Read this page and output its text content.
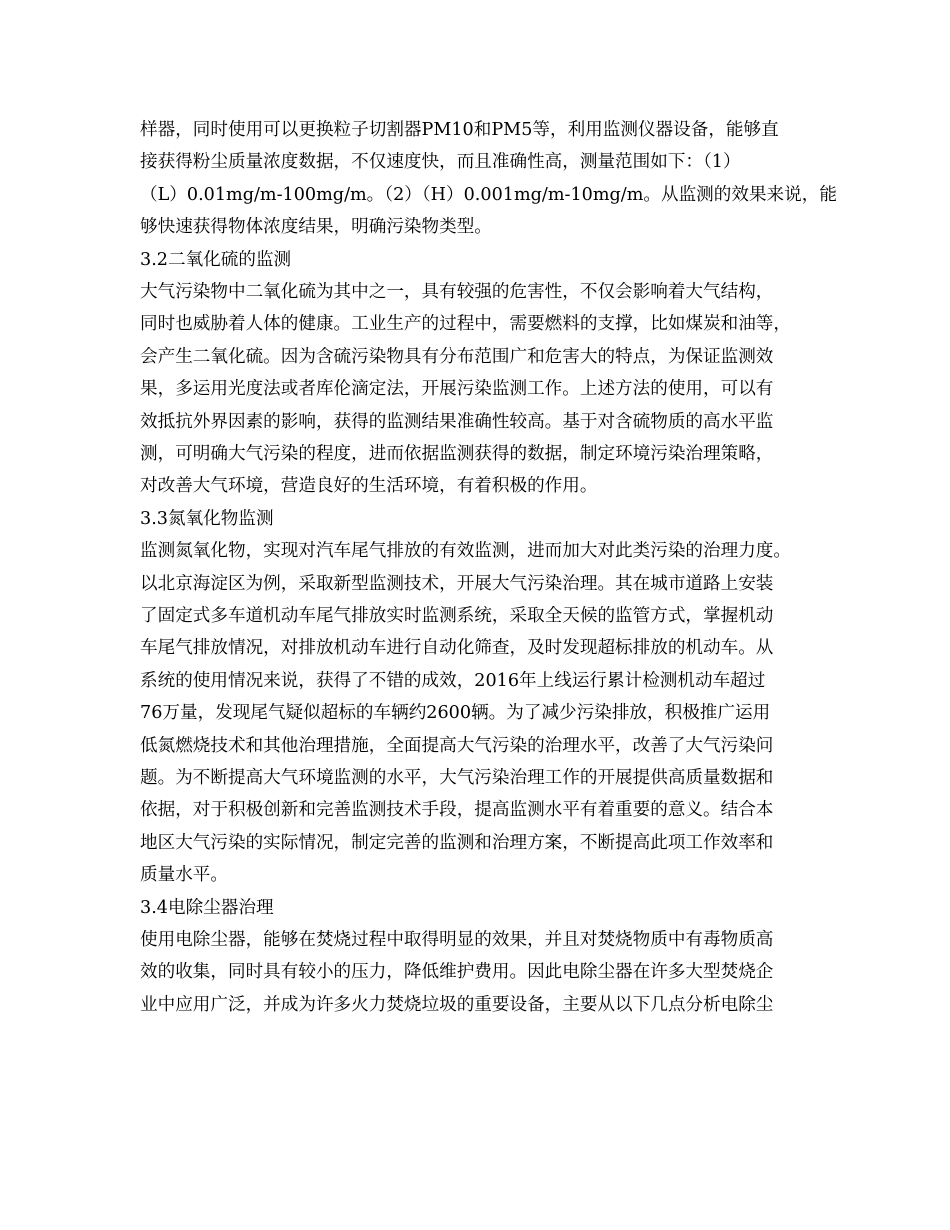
样器，同时使用可以更换粒子切割器PM10和PM5等，利用监测仪器设备，能够直
接获得粉尘质量浓度数据，不仅速度快，而且准确性高，测量范围如下：（1）
（L）0.01mg/m-100mg/m。（2）（H）0.001mg/m-10mg/m。从监测的效果来说，能
够快速获得物体浓度结果，明确污染物类型。
3.2二氧化硫的监测
大气污染物中二氧化硫为其中之一，具有较强的危害性，不仅会影响着大气结构，
同时也威胁着人体的健康。工业生产的过程中，需要燃料的支撑，比如煤炭和油等，
会产生二氧化硫。因为含硫污染物具有分布范围广和危害大的特点，为保证监测效
果，多运用光度法或者库伦滴定法，开展污染监测工作。上述方法的使用，可以有
效抵抗外界因素的影响，获得的监测结果准确性较高。基于对含硫物质的高水平监
测，可明确大气污染的程度，进而依据监测获得的数据，制定环境污染治理策略，
对改善大气环境，营造良好的生活环境，有着积极的作用。
3.3氮氧化物监测
监测氮氧化物，实现对汽车尾气排放的有效监测，进而加大对此类污染的治理力度。
以北京海淀区为例，采取新型监测技术，开展大气污染治理。其在城市道路上安装
了固定式多车道机动车尾气排放实时监测系统，采取全天候的监管方式，掌握机动
车尾气排放情况，对排放机动车进行自动化筛查，及时发现超标排放的机动车。从
系统的使用情况来说，获得了不错的成效，2016年上线运行累计检测机动车超过
76万量，发现尾气疑似超标的车辆约2600辆。为了减少污染排放，积极推广运用
低氮燃烧技术和其他治理措施，全面提高大气污染的治理水平，改善了大气污染问
题。为不断提高大气环境监测的水平，大气污染治理工作的开展提供高质量数据和
依据，对于积极创新和完善监测技术手段，提高监测水平有着重要的意义。结合本
地区大气污染的实际情况，制定完善的监测和治理方案，不断提高此项工作效率和
质量水平。
3.4电除尘器治理
使用电除尘器，能够在焚烧过程中取得明显的效果，并且对焚烧物质中有毒物质高
效的收集，同时具有较小的压力，降低维护费用。因此电除尘器在许多大型焚烧企
业中应用广泛，并成为许多火力焚烧垃圾的重要设备，主要从以下几点分析电除尘
